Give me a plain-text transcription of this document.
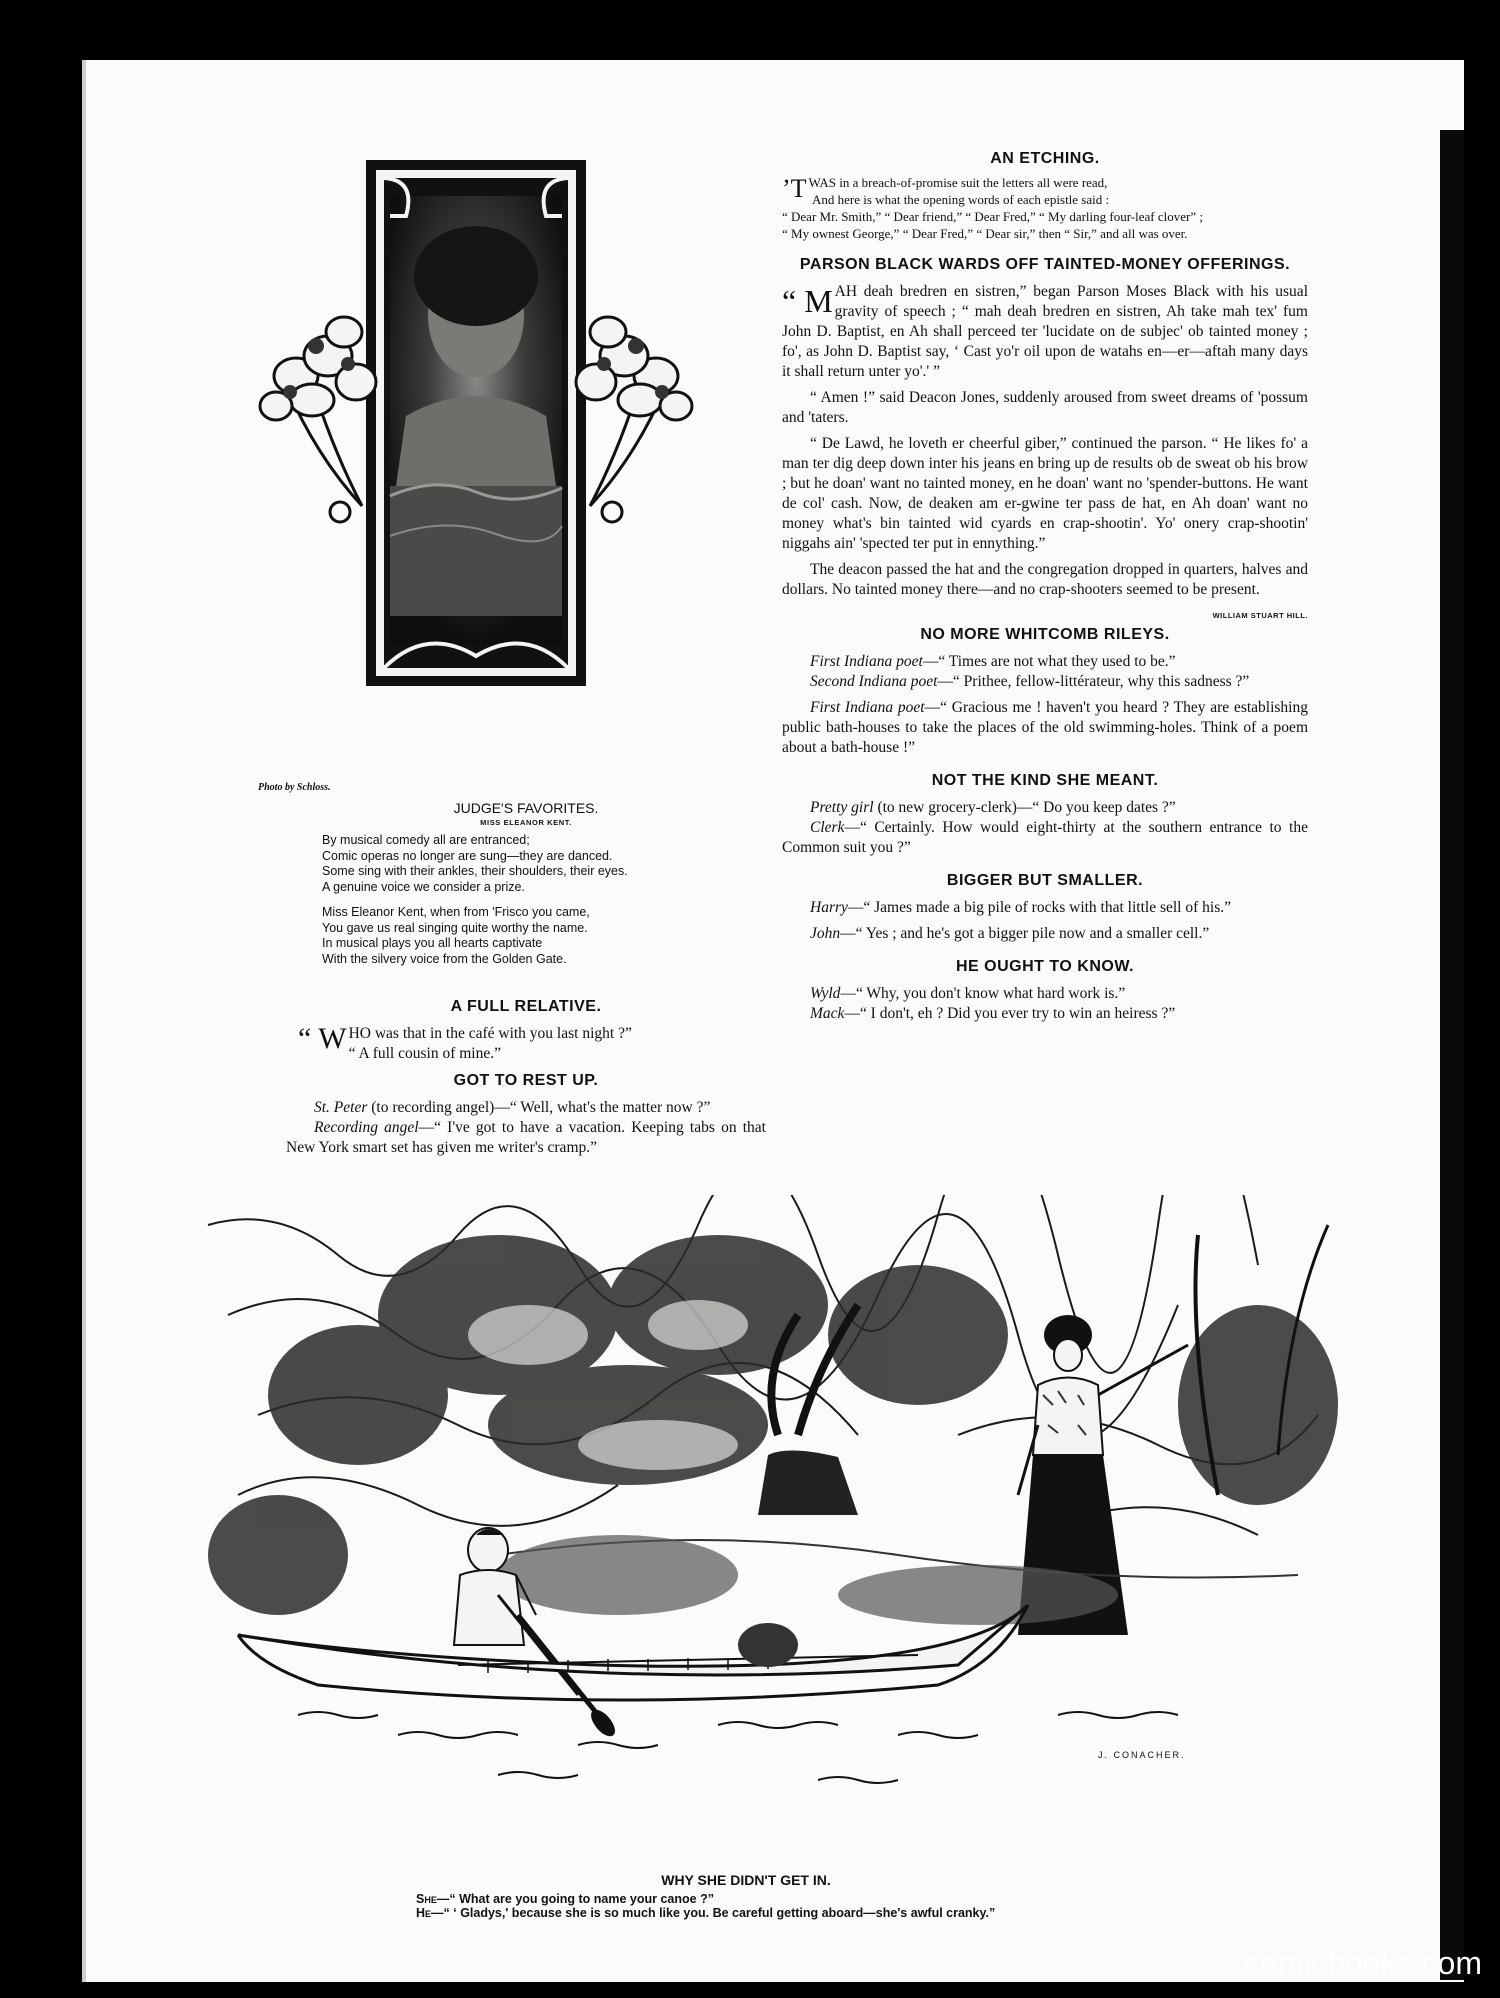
Photo by Schloss.
JUDGE'S FAVORITES.
MISS ELEANOR KENT.
By musical comedy all are entranced;
Comic operas no longer are sung—they are danced.
Some sing with their ankles, their shoulders, their eyes.
A genuine voice we consider a prize.
Miss Eleanor Kent, when from 'Frisco you came,
You gave us real singing quite worthy the name.
In musical plays you all hearts captivate
With the silvery voice from the Golden Gate.
A FULL RELATIVE.

“ W HO was that in the café with you last night ?”

“ A full cousin of mine.”

GOT TO REST UP.

St. Peter (to recording angel)—“ Well, what's the matter now ?”

Recording angel—“ I've got to have a vacation. Keeping tabs on that New York smart set has given me writer's cramp.”

AN ETCHING.
’T WAS in a breach-of-promise suit the letters all were read,
And here is what the opening words of each epistle said :
“ Dear Mr. Smith,” “ Dear friend,” “ Dear Fred,” “ My darling four-leaf clover” ;
“ My ownest George,” “ Dear Fred,” “ Dear sir,” then “ Sir,” and all was over.
PARSON BLACK WARDS OFF TAINTED-MONEY OFFERINGS.

“ M AH deah bredren en sistren,” began Parson Moses Black with his usual gravity of speech ; “ mah deah bredren en sistren, Ah take mah tex' fum John D. Baptist, en Ah shall perceed ter 'lucidate on de subjec' ob tainted money ; fo', as John D. Baptist say, ‘ Cast yo'r oil upon de watahs en—er—aftah many days it shall return unter yo'.' ”

“ Amen !” said Deacon Jones, suddenly aroused from sweet dreams of 'possum and 'taters.

“ De Lawd, he loveth er cheerful giber,” continued the parson. “ He likes fo' a man ter dig deep down inter his jeans en bring up de results ob de sweat ob his brow ; but he doan' want no tainted money, en he doan' want no 'spender-buttons. He want de col' cash. Now, de deaken am er-gwine ter pass de hat, en Ah doan' want no money what's bin tainted wid cyards en crap-shootin'. Yo' onery crap-shootin' niggahs ain' 'spected ter put in ennything.”

The deacon passed the hat and the congregation dropped in quarters, halves and dollars. No tainted money there—and no crap-shooters seemed to be present.
WILLIAM STUART HILL.

NO MORE WHITCOMB RILEYS.

First Indiana poet—“ Times are not what they used to be.”

Second Indiana poet—“ Prithee, fellow-littérateur, why this sadness ?”

First Indiana poet—“ Gracious me ! haven't you heard ? They are establishing public bath-houses to take the places of the old swimming-holes. Think of a poem about a bath-house !”

NOT THE KIND SHE MEANT.

Pretty girl (to new grocery-clerk)—“ Do you keep dates ?”

Clerk—“ Certainly. How would eight-thirty at the southern entrance to the Common suit you ?”

BIGGER BUT SMALLER.

Harry—“ James made a big pile of rocks with that little sell of his.”

John—“ Yes ; and he's got a bigger pile now and a smaller cell.”

HE OUGHT TO KNOW.

Wyld—“ Why, you don't know what hard work is.”

Mack—“ I don't, eh ? Did you ever try to win an heiress ?”

J. CONACHER.
WHY SHE DIDN'T GET IN.
She—“ What are you going to name your canoe ?”
He—“ ‘ Gladys,' because she is so much like you. Be careful getting aboard—she's awful cranky.”
comicbooks.com
